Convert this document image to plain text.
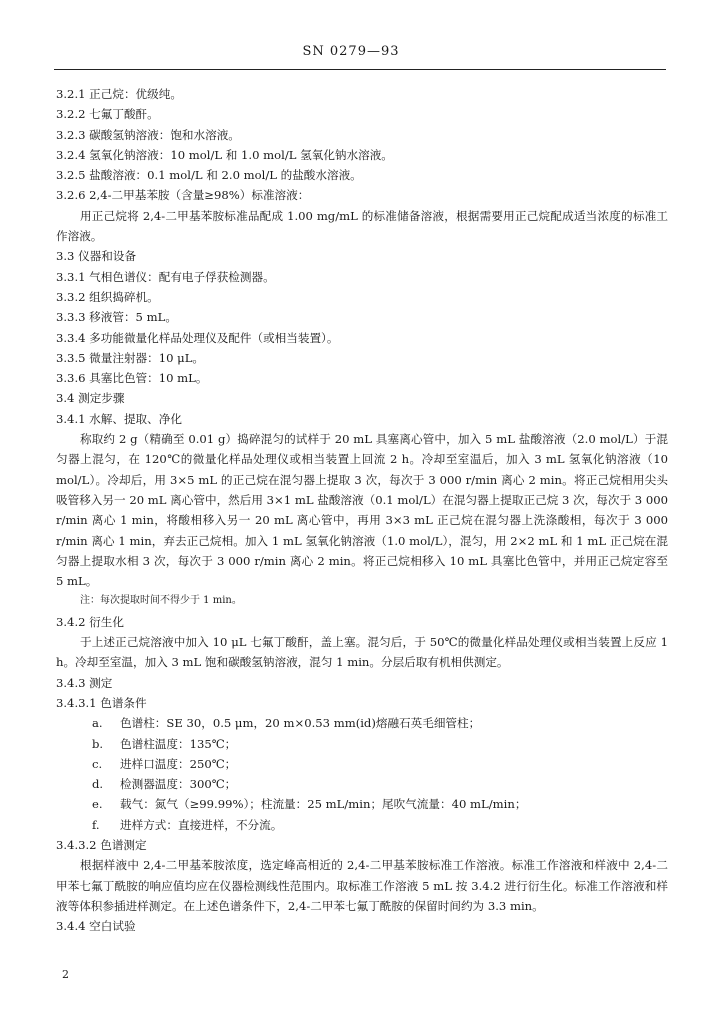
SN 0279—93
3.2.1 正己烷：优级纯。
3.2.2 七氟丁酸酐。
3.2.3 碳酸氢钠溶液：饱和水溶液。
3.2.4 氢氧化钠溶液：10 mol/L 和 1.0 mol/L 氢氧化钠水溶液。
3.2.5 盐酸溶液：0.1 mol/L 和 2.0 mol/L 的盐酸水溶液。
3.2.6 2,4-二甲基苯胺（含量≥98%）标准溶液：
用正己烷将 2,4-二甲基苯胺标准品配成 1.00 mg/mL 的标准储备溶液，根据需要用正己烷配成适当浓度的标准工作溶液。
3.3 仪器和设备
3.3.1 气相色谱仪：配有电子俘获检测器。
3.3.2 组织捣碎机。
3.3.3 移液管：5 mL。
3.3.4 多功能微量化样品处理仪及配件（或相当装置）。
3.3.5 微量注射器：10 μL。
3.3.6 具塞比色管：10 mL。
3.4 测定步骤
3.4.1 水解、提取、净化
称取约 2 g（精确至 0.01 g）捣碎混匀的试样于 20 mL 具塞离心管中，加入 5 mL 盐酸溶液（2.0 mol/L）于混匀器上混匀，在 120℃的微量化样品处理仪或相当装置上回流 2 h。冷却至室温后，加入 3 mL 氢氧化钠溶液（10 mol/L）。冷却后，用 3×5 mL 的正己烷在混匀器上提取 3 次，每次于 3 000 r/min 离心 2 min。将正己烷相用尖头吸管移入另一 20 mL 离心管中，然后用 3×1 mL 盐酸溶液（0.1 mol/L）在混匀器上提取正己烷 3 次，每次于 3 000 r/min 离心 1 min，将酸相移入另一 20 mL 离心管中，再用 3×3 mL 正己烷在混匀器上洗涤酸相，每次于 3 000 r/min 离心 1 min，弃去正己烷相。加入 1 mL 氢氧化钠溶液（1.0 mol/L），混匀，用 2×2 mL 和 1 mL 正己烷在混匀器上提取水相 3 次，每次于 3 000 r/min 离心 2 min。将正己烷相移入 10 mL 具塞比色管中，并用正己烷定容至 5 mL。
注：每次提取时间不得少于 1 min。
3.4.2 衍生化
于上述正己烷溶液中加入 10 μL 七氟丁酸酐，盖上塞。混匀后，于 50℃的微量化样品处理仪或相当装置上反应 1 h。冷却至室温，加入 3 mL 饱和碳酸氢钠溶液，混匀 1 min。分层后取有机相供测定。
3.4.3 测定
3.4.3.1 色谱条件
a. 色谱柱：SE 30，0.5 μm，20 m×0.53 mm(id)熔融石英毛细管柱；
b. 色谱柱温度：135℃；
c. 进样口温度：250℃；
d. 检测器温度：300℃；
e. 载气：氮气（≥99.99%）；柱流量：25 mL/min；尾吹气流量：40 mL/min；
f. 进样方式：直接进样，不分流。
3.4.3.2 色谱测定
根据样液中 2,4-二甲基苯胺浓度，选定峰高相近的 2,4-二甲基苯胺标准工作溶液。标准工作溶液和样液中 2,4-二甲苯七氟丁酰胺的响应值均应在仪器检测线性范围内。取标准工作溶液 5 mL 按 3.4.2 进行衍生化。标准工作溶液和样液等体积参插进样测定。在上述色谱条件下，2,4-二甲苯七氟丁酰胺的保留时间约为 3.3 min。
3.4.4 空白试验
2
